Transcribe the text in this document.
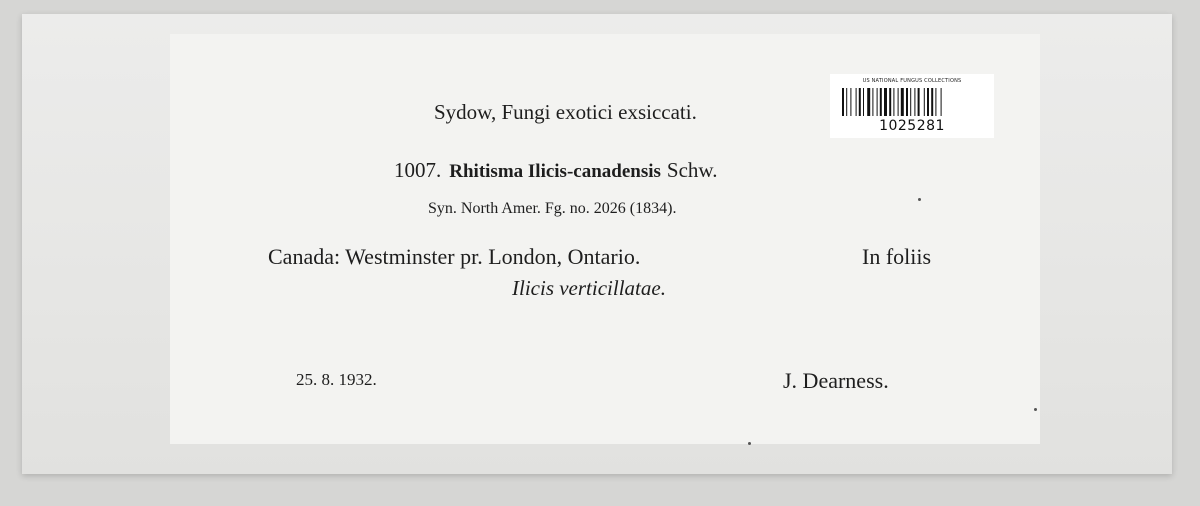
Sydow, Fungi exotici exsiccati.
1007. Rhitisma Ilicis-canadensis Schw.
Syn. North Amer. Fg. no. 2026 (1834).
Canada: Westminster pr. London, Ontario.	In foliis
Ilicis verticillatae.
25. 8. 1932.	J. Dearness.
US NATIONAL FUNGUS COLLECTIONS
1025281
